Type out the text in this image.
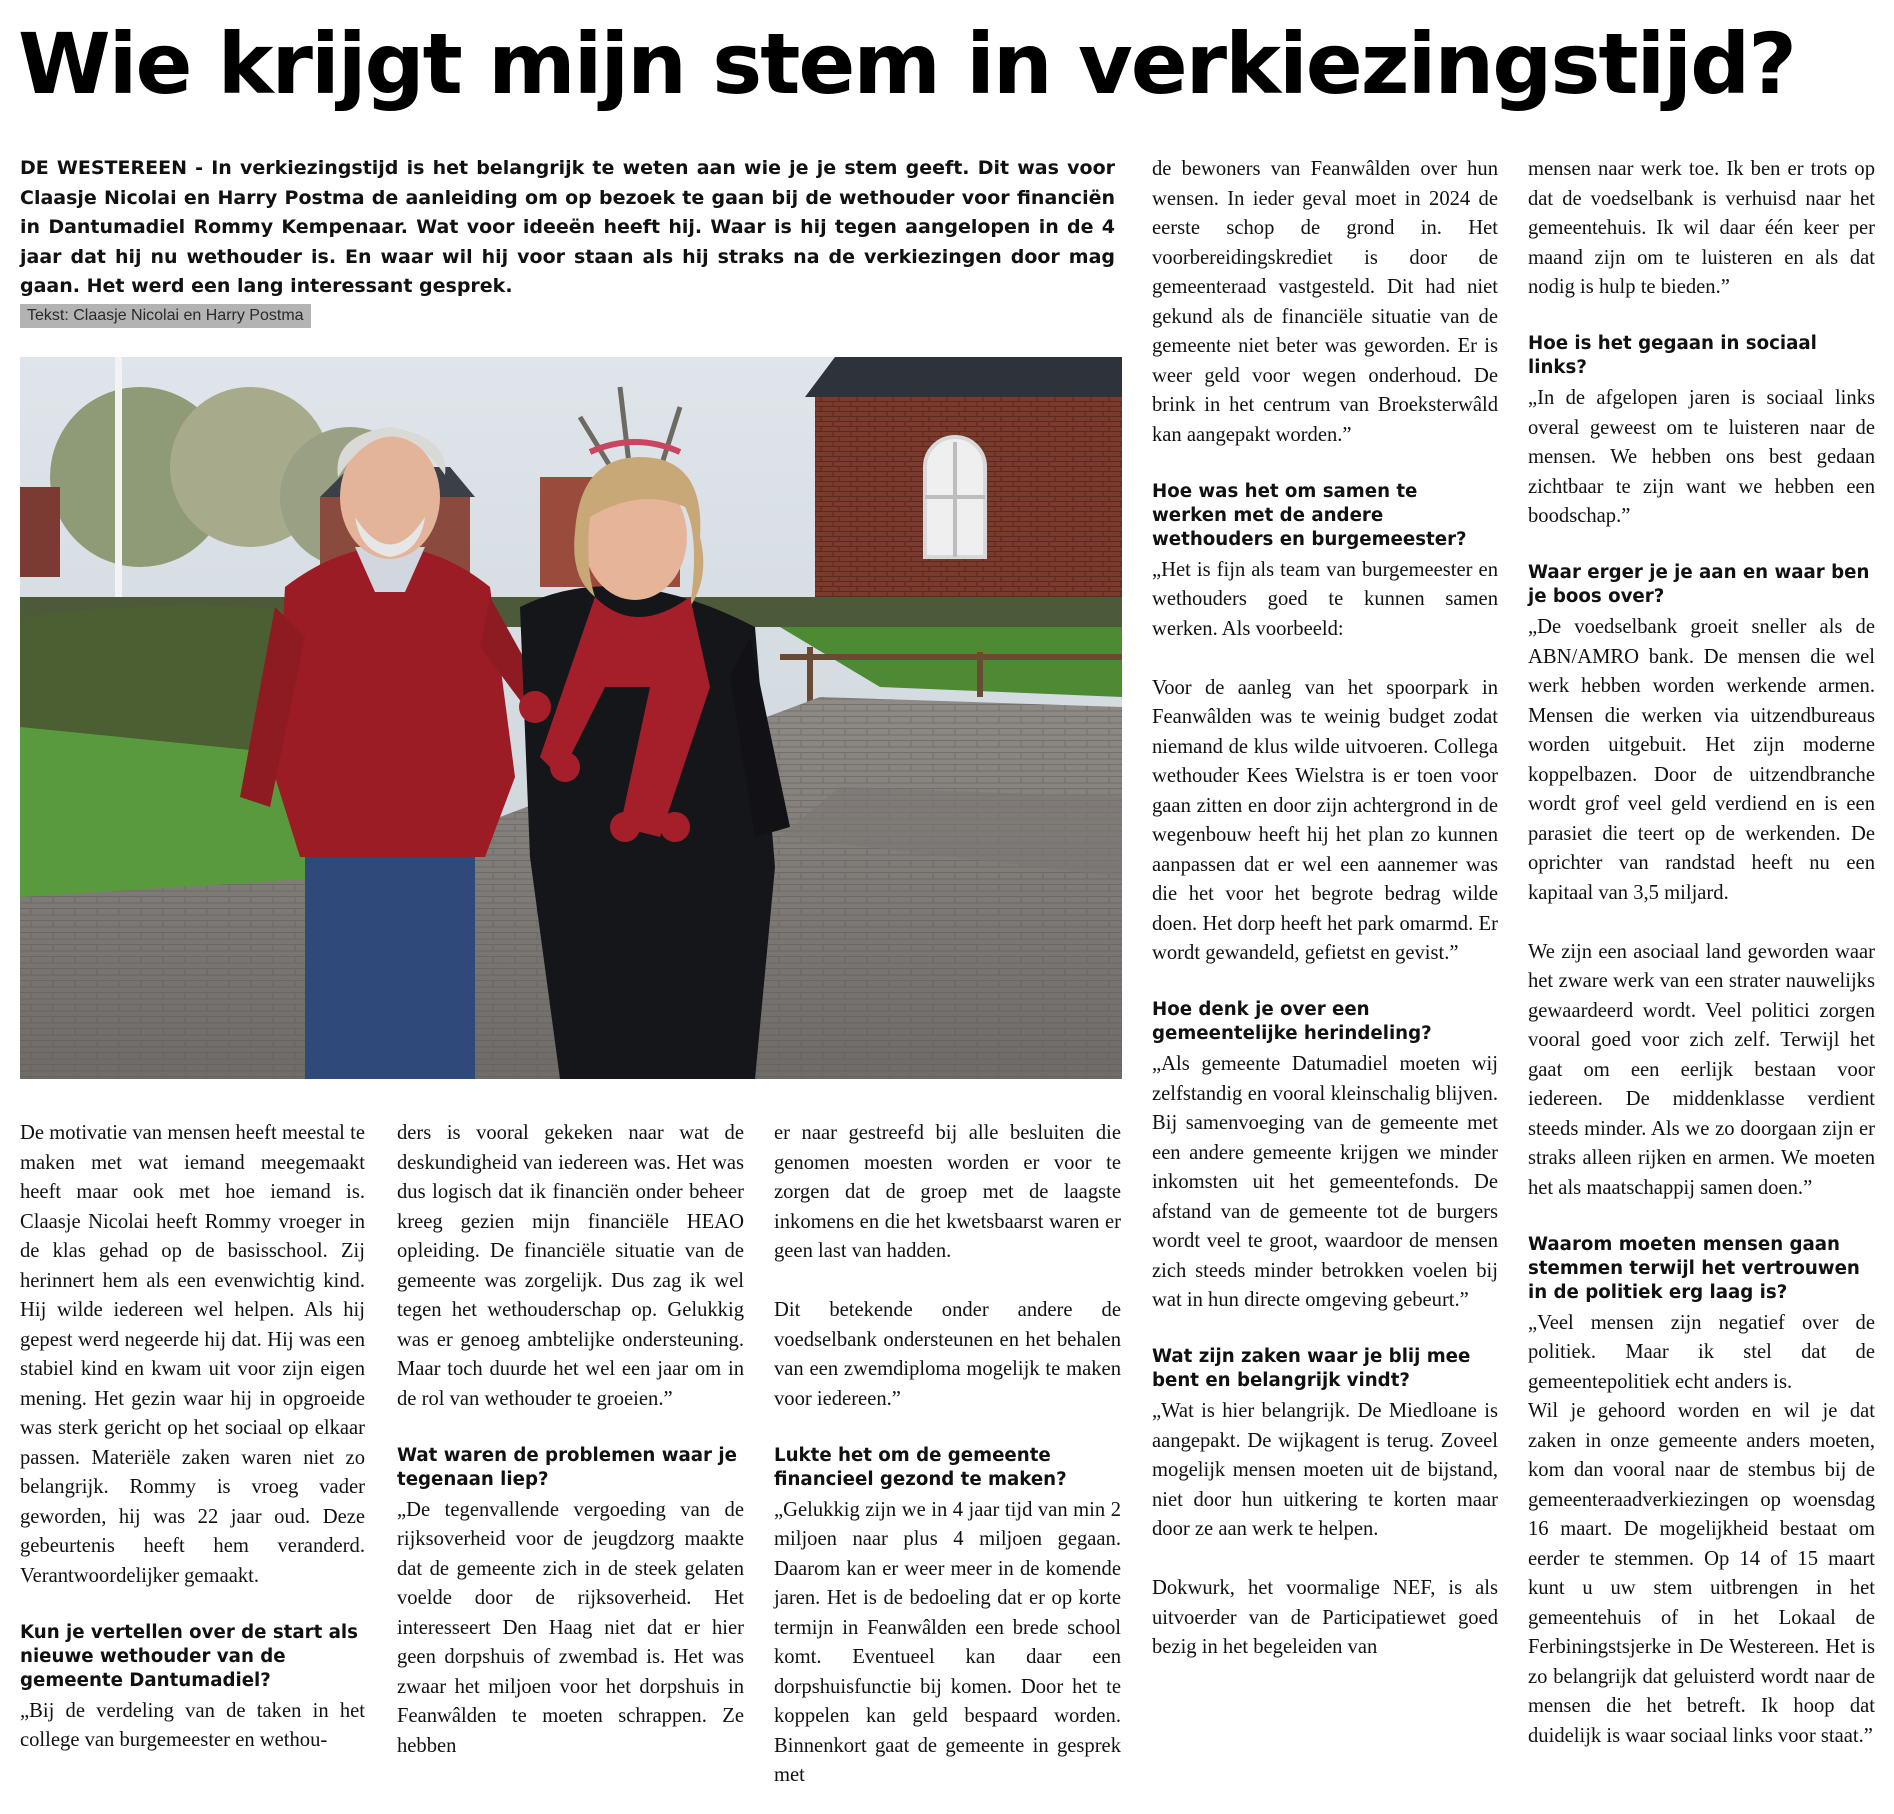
Wie krijgt mijn stem in verkiezingstijd?

DE WESTEREEN - In verkiezingstijd is het belangrijk te weten aan wie je je stem geeft. Dit was voor Claasje Nicolai en Harry Postma de aanleiding om op bezoek te gaan bij de wethouder voor financiën in Dantumadiel Rommy Kempenaar. Wat voor ideeën heeft hij. Waar is hij tegen aangelopen in de 4 jaar dat hij nu wethouder is. En waar wil hij voor staan als hij straks na de verkiezingen door mag gaan. Het werd een lang interessant gesprek.

Tekst: Claasje Nicolai en Harry Postma

De motivatie van mensen heeft meestal te maken met wat iemand meegemaakt heeft maar ook met hoe iemand is. Claasje Nicolai heeft Rommy vroeger in de klas gehad op de basisschool. Zij herinnert hem als een evenwichtig kind. Hij wilde iedereen wel helpen. Als hij gepest werd negeerde hij dat. Hij was een stabiel kind en kwam uit voor zijn eigen mening. Het gezin waar hij in opgroeide was sterk gericht op het sociaal op elkaar passen. Materiële zaken waren niet zo belangrijk. Rommy is vroeg vader geworden, hij was 22 jaar oud. Deze gebeurtenis heeft hem veranderd. Verantwoordelijker gemaakt.

Kun je vertellen over de start als nieuwe wethouder van de gemeente Dantumadiel?

„Bij de verdeling van de taken in het college van burgemeester en wethou-

ders is vooral gekeken naar wat de deskundigheid van iedereen was. Het was dus logisch dat ik financiën onder beheer kreeg gezien mijn financiële HEAO opleiding. De financiële situatie van de gemeente was zorgelijk. Dus zag ik wel tegen het wethouderschap op. Gelukkig was er genoeg ambtelijke ondersteuning. Maar toch duurde het wel een jaar om in de rol van wethouder te groeien.”

Wat waren de problemen waar je tegenaan liep?

„De tegenvallende vergoeding van de rijksoverheid voor de jeugdzorg maakte dat de gemeente zich in de steek gelaten voelde door de rijksoverheid. Het interesseert Den Haag niet dat er hier geen dorpshuis of zwembad is. Het was zwaar het miljoen voor het dorpshuis in Feanwâlden te moeten schrappen. Ze hebben

er naar gestreefd bij alle besluiten die genomen moesten worden er voor te zorgen dat de groep met de laagste inkomens en die het kwetsbaarst waren er geen last van hadden.

Dit betekende onder andere de voedselbank ondersteunen en het behalen van een zwemdiploma mogelijk te maken voor iedereen.”

Lukte het om de gemeente financieel gezond te maken?

„Gelukkig zijn we in 4 jaar tijd van min 2 miljoen naar plus 4 miljoen gegaan. Daarom kan er weer meer in de komende jaren. Het is de bedoeling dat er op korte termijn in Feanwâlden een brede school komt. Eventueel kan daar een dorpshuisfunctie bij komen. Door het te koppelen kan geld bespaard worden. Binnenkort gaat de gemeente in gesprek met

de bewoners van Feanwâlden over hun wensen. In ieder geval moet in 2024 de eerste schop de grond in. Het voorbereidingskrediet is door de gemeenteraad vastgesteld. Dit had niet gekund als de financiële situatie van de gemeente niet beter was geworden. Er is weer geld voor wegen onderhoud. De brink in het centrum van Broeksterwâld kan aangepakt worden.”

Hoe was het om samen te werken met de andere wethouders en burgemeester?

„Het is fijn als team van burgemeester en wethouders goed te kunnen samen werken. Als voorbeeld:

Voor de aanleg van het spoorpark in Feanwâlden was te weinig budget zodat niemand de klus wilde uitvoeren. Collega wethouder Kees Wielstra is er toen voor gaan zitten en door zijn achtergrond in de wegenbouw heeft hij het plan zo kunnen aanpassen dat er wel een aannemer was die het voor het begrote bedrag wilde doen. Het dorp heeft het park omarmd. Er wordt gewandeld, gefietst en gevist.”

Hoe denk je over een gemeentelijke herindeling?

„Als gemeente Datumadiel moeten wij zelfstandig en vooral kleinschalig blijven. Bij samenvoeging van de gemeente met een andere gemeente krijgen we minder inkomsten uit het gemeentefonds. De afstand van de gemeente tot de burgers wordt veel te groot, waardoor de mensen zich steeds minder betrokken voelen bij wat in hun directe omgeving gebeurt.”

Wat zijn zaken waar je blij mee bent en belangrijk vindt?

„Wat is hier belangrijk. De Miedloane is aangepakt. De wijkagent is terug. Zoveel mogelijk mensen moeten uit de bijstand, niet door hun uitkering te korten maar door ze aan werk te helpen.

Dokwurk, het voormalige NEF, is als uitvoerder van de Participatiewet goed bezig in het begeleiden van

mensen naar werk toe. Ik ben er trots op dat de voedselbank is verhuisd naar het gemeentehuis. Ik wil daar één keer per maand zijn om te luisteren en als dat nodig is hulp te bieden.”

Hoe is het gegaan in sociaal links?

„In de afgelopen jaren is sociaal links overal geweest om te luisteren naar de mensen. We hebben ons best gedaan zichtbaar te zijn want we hebben een boodschap.”

Waar erger je je aan en waar ben je boos over?

„De voedselbank groeit sneller als de ABN/AMRO bank. De mensen die wel werk hebben worden werkende armen. Mensen die werken via uitzendbureaus worden uitgebuit. Het zijn moderne koppelbazen. Door de uitzendbranche wordt grof veel geld verdiend en is een parasiet die teert op de werkenden. De oprichter van randstad heeft nu een kapitaal van 3,5 miljard.

We zijn een asociaal land geworden waar het zware werk van een strater nauwelijks gewaardeerd wordt. Veel politici zorgen vooral goed voor zich zelf. Terwijl het gaat om een eerlijk bestaan voor iedereen. De middenklasse verdient steeds minder. Als we zo doorgaan zijn er straks alleen rijken en armen. We moeten het als maatschappij samen doen.”

Waarom moeten mensen gaan stemmen terwijl het vertrouwen in de politiek erg laag is?

„Veel mensen zijn negatief over de politiek. Maar ik stel dat de gemeentepolitiek echt anders is.

Wil je gehoord worden en wil je dat zaken in onze gemeente anders moeten, kom dan vooral naar de stembus bij de gemeenteraadverkiezingen op woensdag 16 maart. De mogelijkheid bestaat om eerder te stemmen. Op 14 of 15 maart kunt u uw stem uitbrengen in het gemeentehuis of in het Lokaal de Ferbiningstsjerke in De Westereen. Het is zo belangrijk dat geluisterd wordt naar de mensen die het betreft. Ik hoop dat duidelijk is waar sociaal links voor staat.”
